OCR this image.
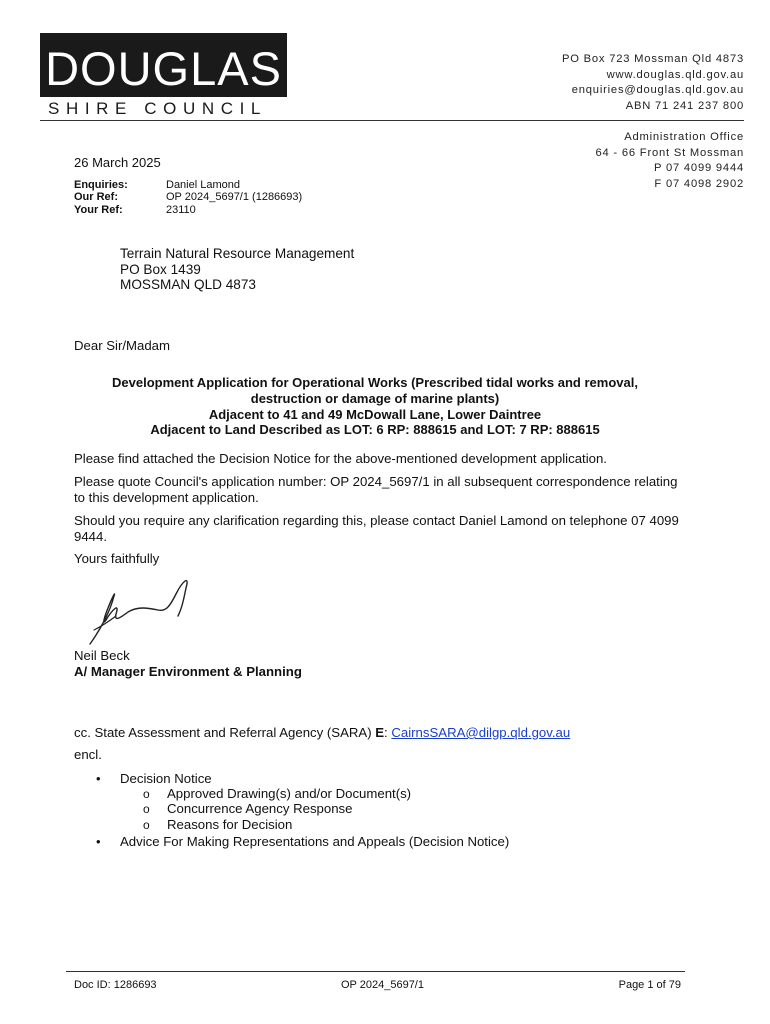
DOUGLAS
SHIRE COUNCIL
PO Box 723 Mossman Qld 4873
www.douglas.qld.gov.au
enquiries@douglas.qld.gov.au
ABN 71 241 237 800
Administration Office
64 - 66 Front St Mossman
P 07 4099 9444
F 07 4098 2902
26 March 2025
Enquiries:	Daniel Lamond
Our Ref:	OP 2024_5697/1 (1286693)
Your Ref:	23110
Terrain Natural Resource Management
PO Box 1439
MOSSMAN QLD 4873
Dear Sir/Madam
Development Application for Operational Works (Prescribed tidal works and removal,
destruction or damage of marine plants)
Adjacent to 41 and 49 McDowall Lane, Lower Daintree
Adjacent to Land Described as LOT: 6 RP: 888615 and LOT: 7 RP: 888615
Please find attached the Decision Notice for the above-mentioned development application.
Please quote Council's application number: OP 2024_5697/1 in all subsequent correspondence relating to this development application.
Should you require any clarification regarding this, please contact Daniel Lamond on telephone 07 4099 9444.
Yours faithfully
Neil Beck
A/ Manager Environment & Planning
cc. State Assessment and Referral Agency (SARA) E: CairnsSARA@dilgp.qld.gov.au
encl.
• Decision Notice
o Approved Drawing(s) and/or Document(s)
o Concurrence Agency Response
o Reasons for Decision
• Advice For Making Representations and Appeals (Decision Notice)
Doc ID: 1286693	OP 2024_5697/1	Page 1 of 79
